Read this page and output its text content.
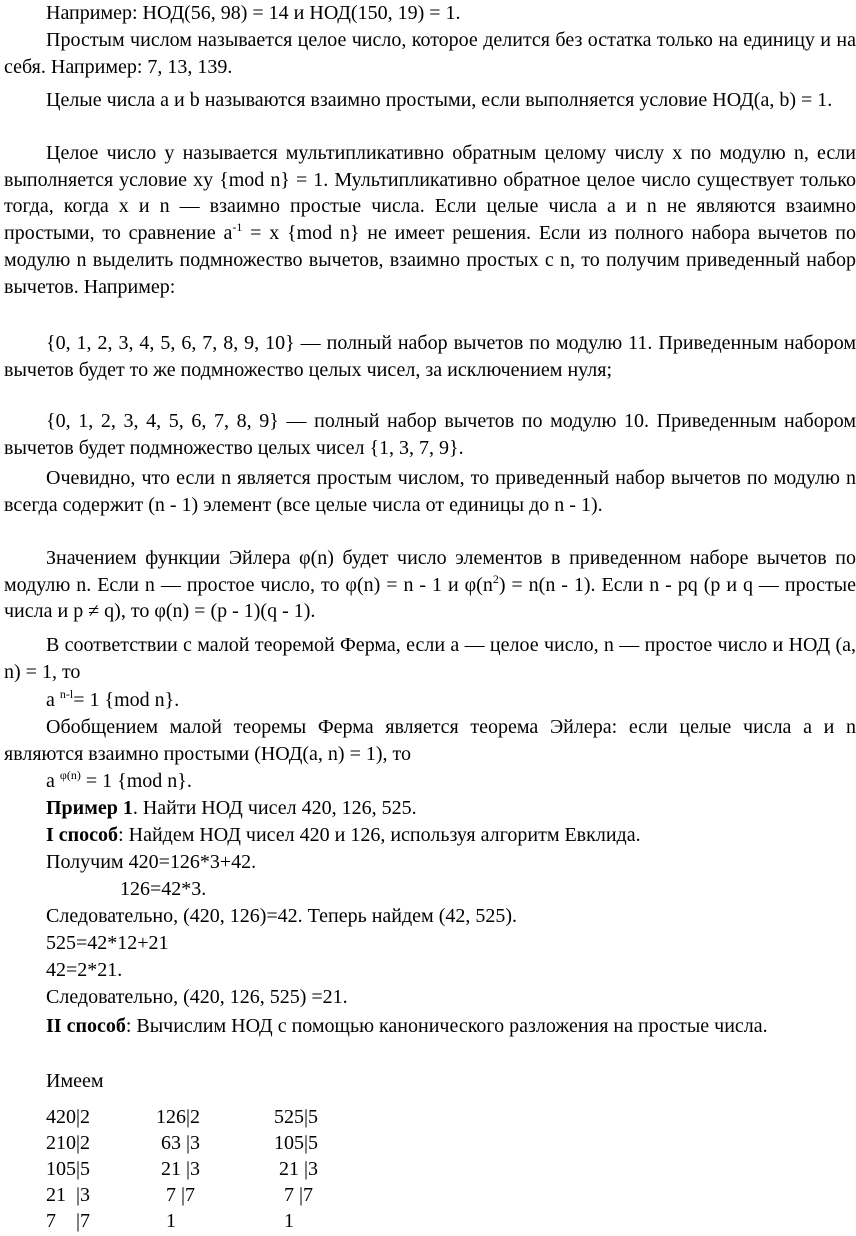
Например: НОД(56, 98) = 14 и НОД(150, 19) = 1.

Простым числом называется целое число, которое делится без остатка только на единицу и на себя. Например: 7, 13, 139.

Целые числа a и b называются взаимно простыми, если выполняется условие НОД(a, b) = 1.

Целое число y называется мультипликативно обратным целому числу x по модулю n, если выполняется условие xy {mod n} = 1. Мультипликативно обратное целое число существует только тогда, когда x и n — взаимно простые числа. Если целые числа a и n не являются взаимно простыми, то сравнение $a^{-1} = x$ {mod n} не имеет решения. Если из полного набора вычетов по модулю n выделить подмножество вычетов, взаимно простых с n, то получим приведенный набор вычетов. Например:

{0, 1, 2, 3, 4, 5, 6, 7, 8, 9, 10} — полный набор вычетов по модулю 11. Приведенным набором вычетов будет то же подмножество целых чисел, за исключением нуля;

{0, 1, 2, 3, 4, 5, 6, 7, 8, 9} — полный набор вычетов по модулю 10. Приведенным набором вычетов будет подмножество целых чисел {1, 3, 7, 9}.

Очевидно, что если n является простым числом, то приведенный набор вычетов по модулю n всегда содержит (n - 1) элемент (все целые числа от единицы до n - 1).

Значением функции Эйлера φ(n) будет число элементов в приведенном наборе вычетов по модулю n. Если n — простое число, то φ(n) = n - 1 и $\varphi(n^2) = n(n - 1)$. Если n - pq (p и q — простые числа и p ≠ q), то φ(n) = (p - 1)(q - 1).

В соответствии с малой теоремой Ферма, если a — целое число, n — простое число и НОД (a, n) = 1, то

a $^{n-l}$= 1 {mod n}.

Обобщением малой теоремы Ферма является теорема Эйлера: если целые числа a и n являются взаимно простыми (НОД(a, n) = 1), то

a $^{\varphi(n)}$ = 1 {mod n}.
Пример 1. Найти НОД чисел 420, 126, 525.
I способ: Найдем НОД чисел 420 и 126, используя алгоритм Евклида.
Получим 420=126*3+42.
126=42*3.
Следовательно, (420, 126)=42. Теперь найдем (42, 525).
525=42*12+21
42=2*21.
Следовательно, (420, 126, 525) =21.

II способ: Вычислим НОД с помощью канонического разложения на простые числа.

Имеем
420|2	126|2	525|5
210|2	63 |3	105|5
105|5	21 |3	21 |3
21  |3	7 |7	7 |7
7    |7	1	1
